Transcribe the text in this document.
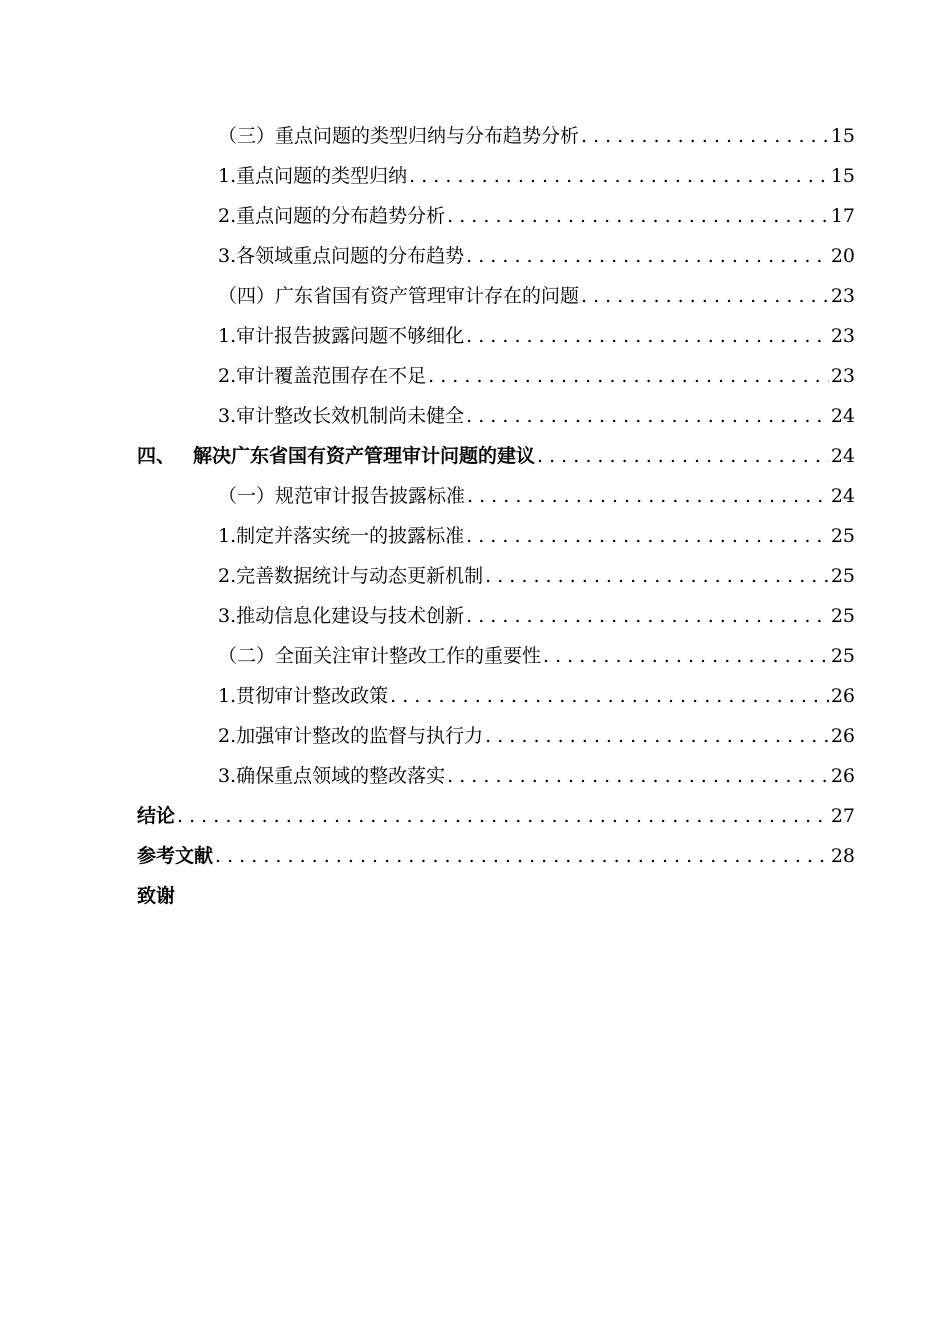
（三）重点问题的类型归纳与分布趋势分析 . . .	15
1.重点问题的类型归纳 . . .	15
2.重点问题的分布趋势分析 . . .	17
3.各领域重点问题的分布趋势 . . .	20
（四）广东省国有资产管理审计存在的问题 . . .	23
1.审计报告披露问题不够细化 . . .	23
2.审计覆盖范围存在不足 . . .	23
3.审计整改长效机制尚未健全 . . .	24
四、 解决广东省国有资产管理审计问题的建议 . . .	24
（一）规范审计报告披露标准 . . .	24
1.制定并落实统一的披露标准 . . .	25
2.完善数据统计与动态更新机制 . . .	25
3.推动信息化建设与技术创新 . . .	25
（二）全面关注审计整改工作的重要性 . . .	25
1.贯彻审计整改政策 . . .	26
2.加强审计整改的监督与执行力 . . .	26
3.确保重点领域的整改落实 . . .	26
结论 . . .	27
参考文献 . . .	28
致谢
